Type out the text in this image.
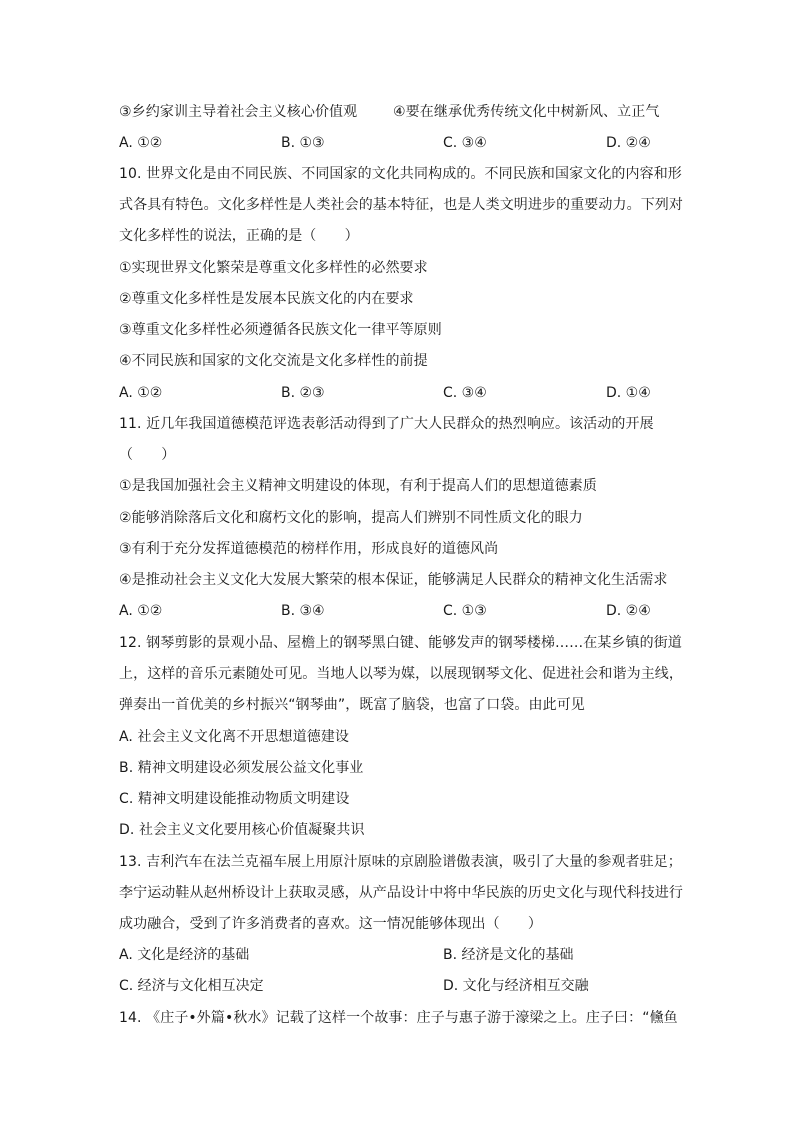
③乡约家训主导着社会主义核心价值观	④要在继承优秀传统文化中树新风、立正气
A. ①②	B. ①③	C. ③④	D. ②④
10. 世界文化是由不同民族、不同国家的文化共同构成的。不同民族和国家文化的内容和形
式各具有特色。文化多样性是人类社会的基本特征，也是人类文明进步的重要动力。下列对
文化多样性的说法，正确的是（　　）
①实现世界文化繁荣是尊重文化多样性的必然要求
②尊重文化多样性是发展本民族文化的内在要求
③尊重文化多样性必须遵循各民族文化一律平等原则
④不同民族和国家的文化交流是文化多样性的前提
A. ①②	B. ②③	C. ③④	D. ①④
11. 近几年我国道德模范评选表彰活动得到了广大人民群众的热烈响应。该活动的开展
（　　）
①是我国加强社会主义精神文明建设的体现，有利于提高人们的思想道德素质
②能够消除落后文化和腐朽文化的影响，提高人们辨别不同性质文化的眼力
③有利于充分发挥道德模范的榜样作用，形成良好的道德风尚
④是推动社会主义文化大发展大繁荣的根本保证，能够满足人民群众的精神文化生活需求
A. ①②	B. ③④	C. ①③	D. ②④
12. 钢琴剪影的景观小品、屋檐上的钢琴黑白键、能够发声的钢琴楼梯……在某乡镇的街道
上，这样的音乐元素随处可见。当地人以琴为媒，以展现钢琴文化、促进社会和谐为主线，
弹奏出一首优美的乡村振兴“钢琴曲”，既富了脑袋，也富了口袋。由此可见
A. 社会主义文化离不开思想道德建设
B. 精神文明建设必须发展公益文化事业
C. 精神文明建设能推动物质文明建设
D. 社会主义文化要用核心价值凝聚共识
13. 吉利汽车在法兰克福车展上用原汁原味的京剧脸谱傲表演，吸引了大量的参观者驻足；
李宁运动鞋从赵州桥设计上获取灵感，从产品设计中将中华民族的历史文化与现代科技进行
成功融合，受到了许多消费者的喜欢。这一情况能够体现出（　　）
A. 文化是经济的基础	B. 经济是文化的基础
C. 经济与文化相互决定	D. 文化与经济相互交融
14. 《庄子•外篇•秋水》记载了这样一个故事：庄子与惠子游于濠梁之上。庄子曰：“儵鱼
